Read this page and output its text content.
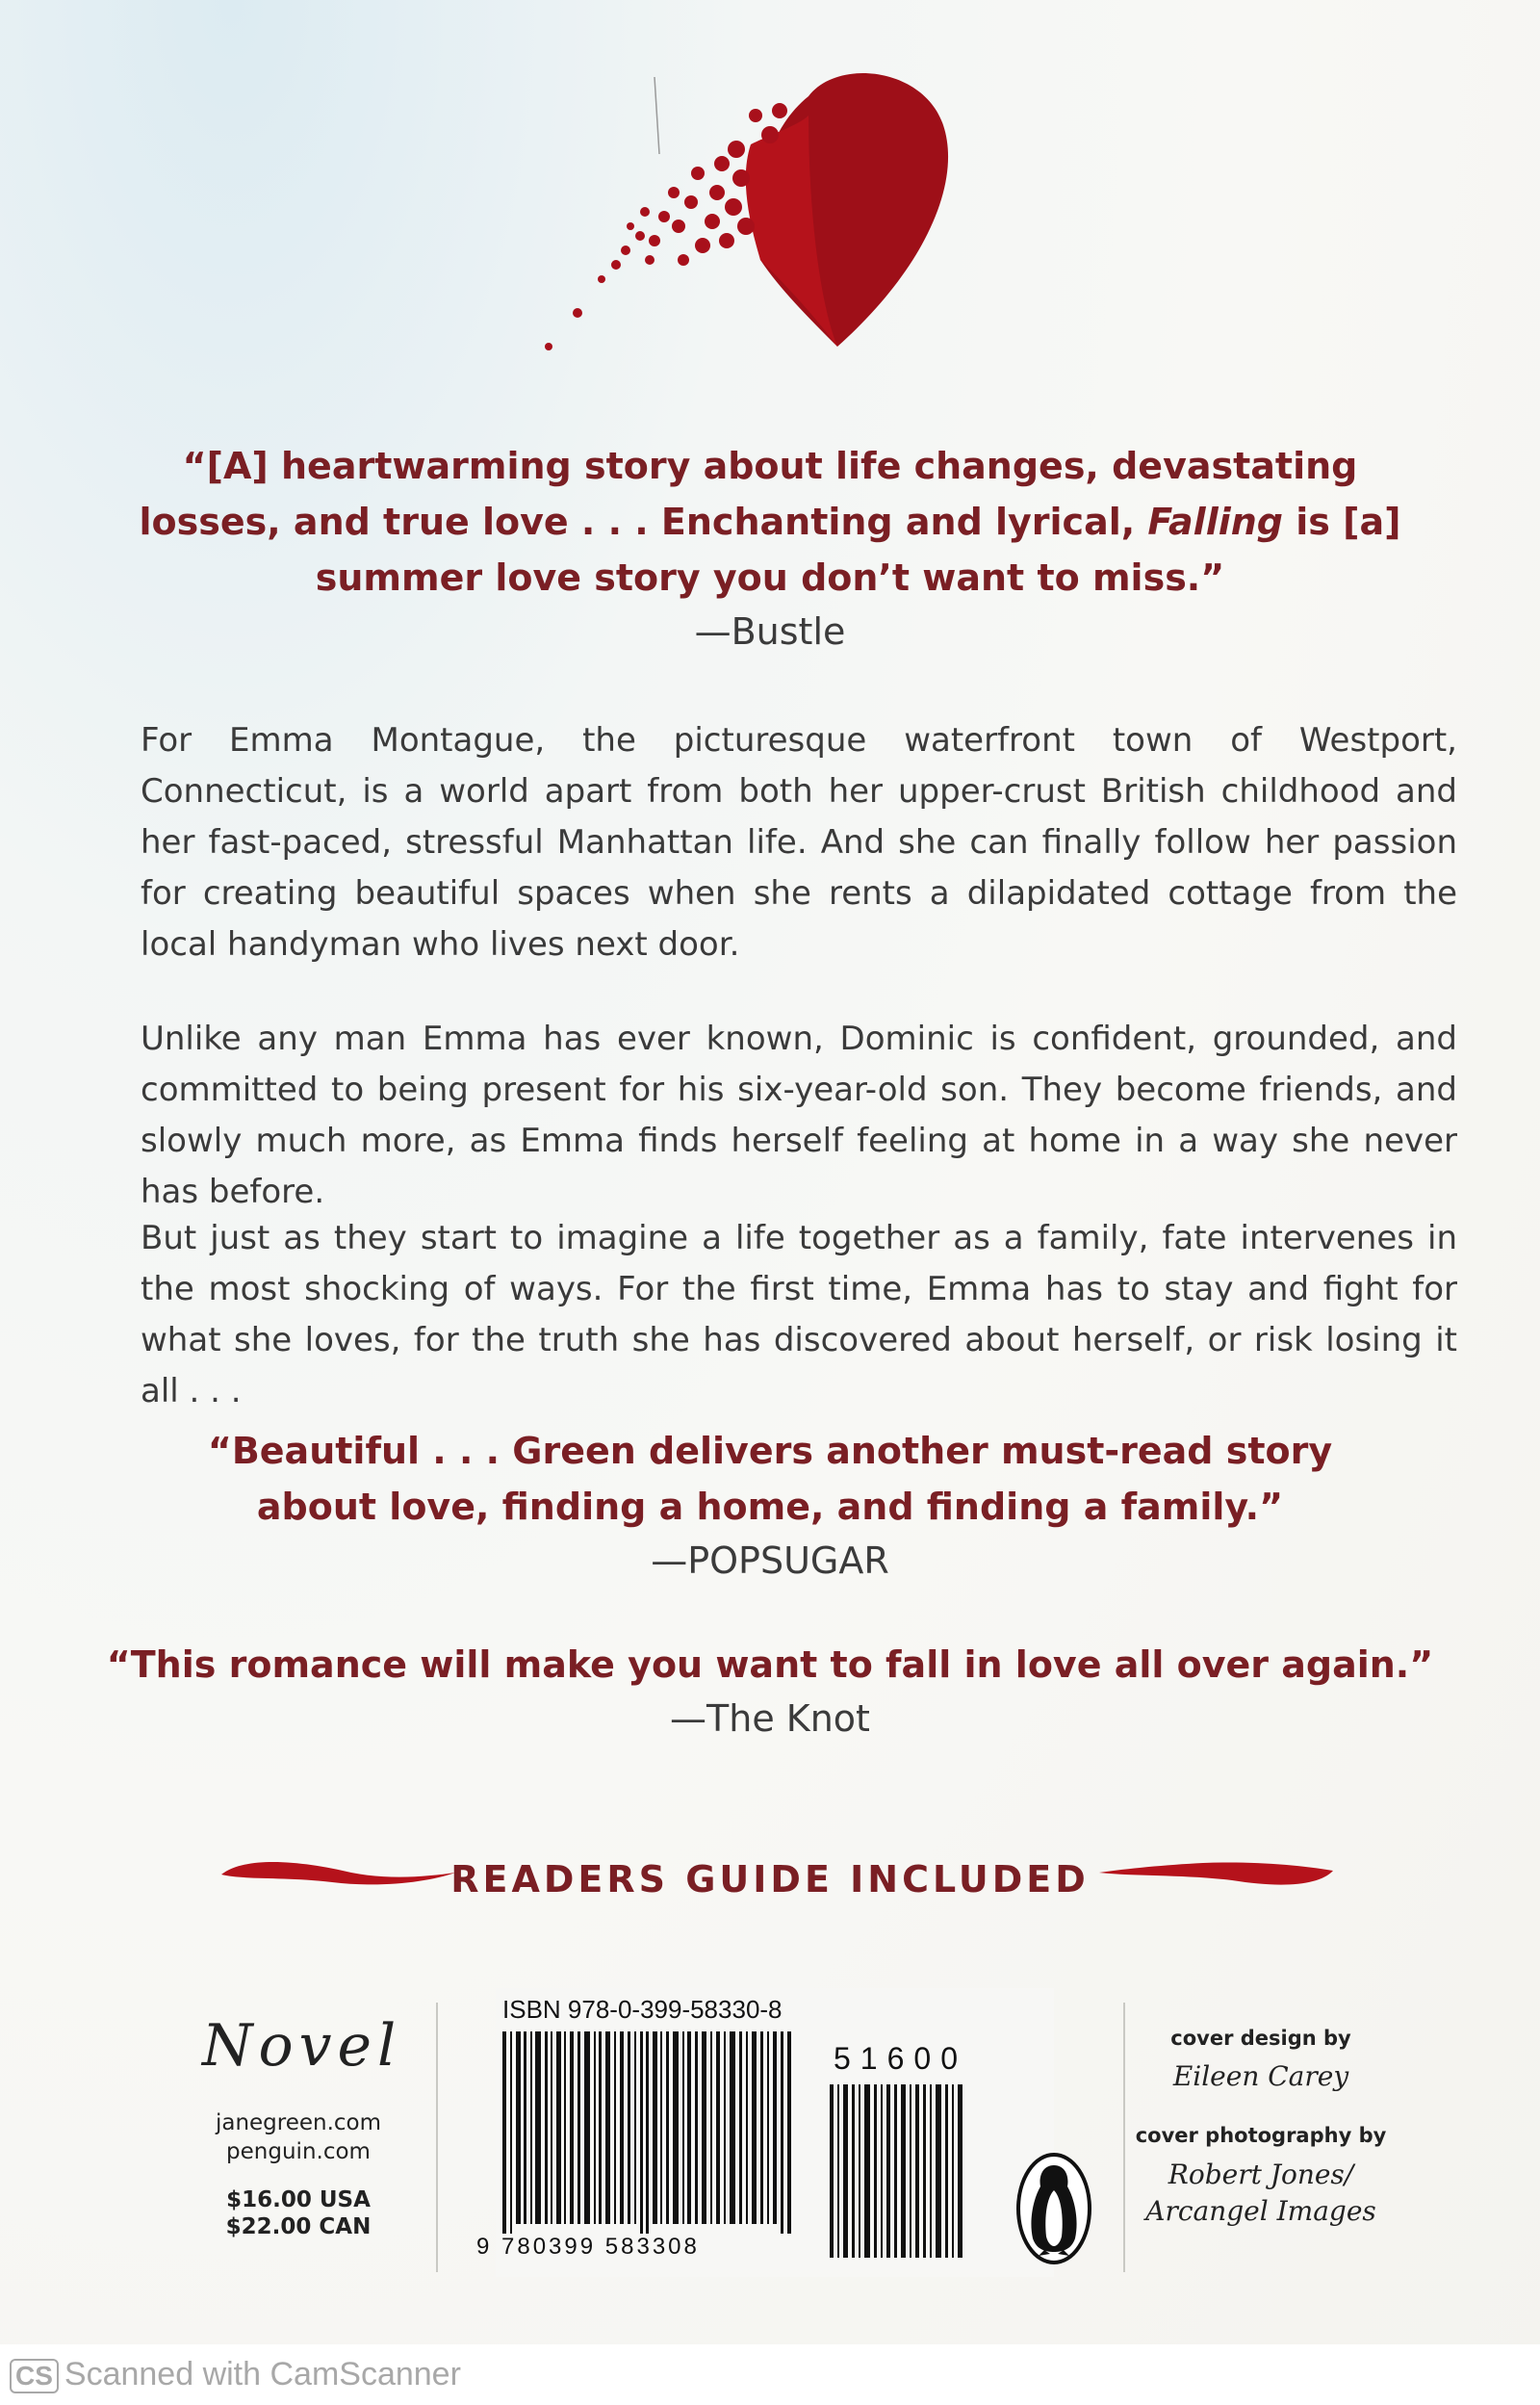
“[A] heartwarming story about life changes, devastating

losses, and true love . . . Enchanting and lyrical, Falling is [a]

summer love story you don’t want to miss.”

—Bustle

For Emma Montague, the picturesque waterfront town of Westport, Connecticut, is a world apart from both her upper-crust British childhood and her fast-paced, stressful Manhattan life. And she can finally follow her passion for creating beautiful spaces when she rents a dilapidated cottage from the local handyman who lives next door.

Unlike any man Emma has ever known, Dominic is confident, grounded, and committed to being present for his six-year-old son. They become friends, and slowly much more, as Emma finds herself feeling at home in a way she never has before.

But just as they start to imagine a life together as a family, fate intervenes in the most shocking of ways. For the first time, Emma has to stay and fight for what she loves, for the truth she has discovered about herself, or risk losing it all . . .

“Beautiful . . . Green delivers another must-read story

about love, finding a home, and finding a family.”

—POPSUGAR

“This romance will make you want to fall in love all over again.”

—The Knot

READERS GUIDE INCLUDED
Novel
janegreen.com
penguin.com
$16.00 USA
$22.00 CAN
ISBN 978-0-399-58330-8
9 780399 583308
51600
cover design by
Eileen Carey
cover photography by
Robert Jones/
Arcangel Images
CS Scanned with CamScanner
